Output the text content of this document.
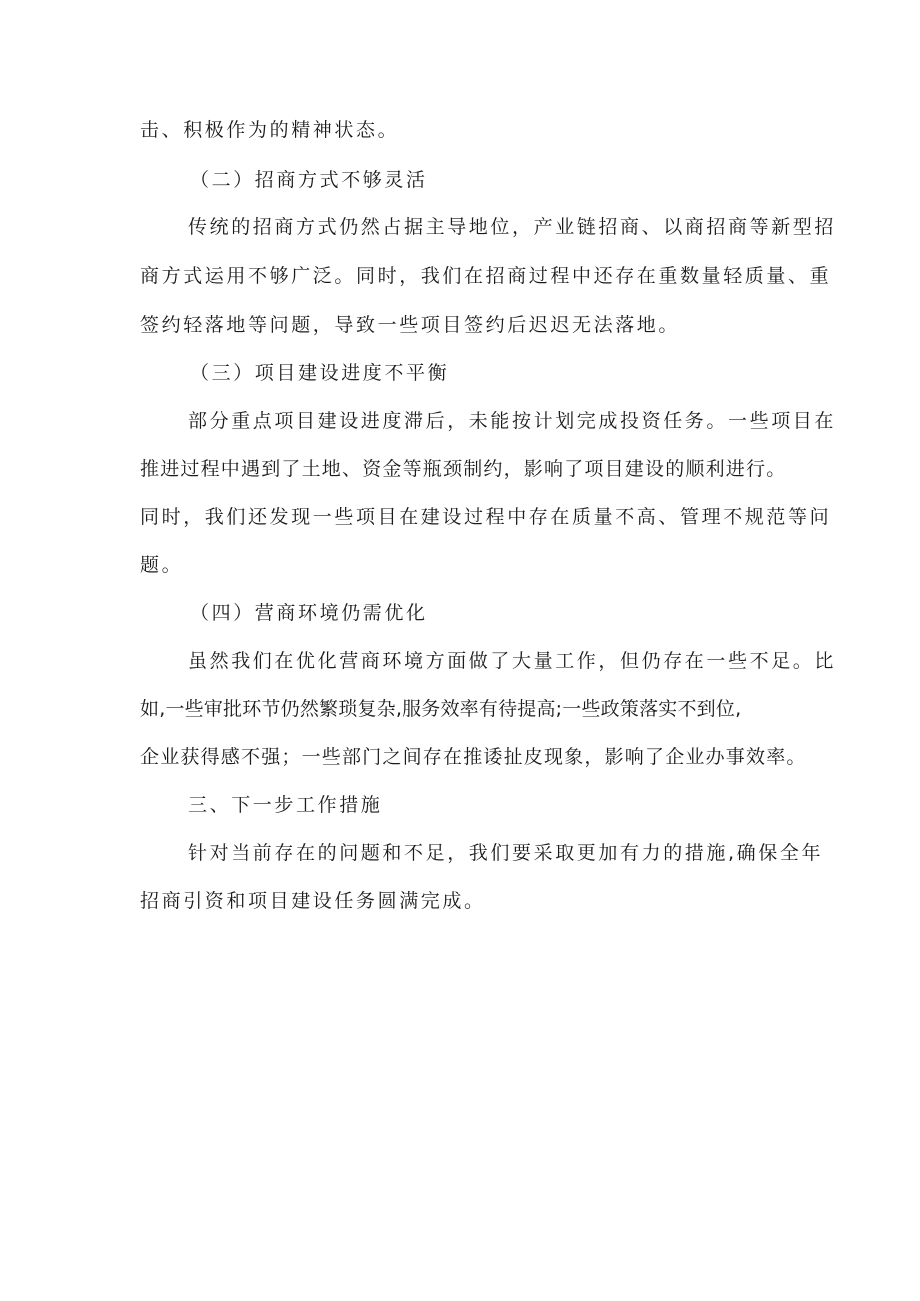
击、积极作为的精神状态。
（二）招商方式不够灵活
传统的招商方式仍然占据主导地位，产业链招商、以商招商等新型招
商方式运用不够广泛。同时，我们在招商过程中还存在重数量轻质量、重
签约轻落地等问题，导致一些项目签约后迟迟无法落地。
（三）项目建设进度不平衡
部分重点项目建设进度滞后，未能按计划完成投资任务。一些项目在
推进过程中遇到了土地、资金等瓶颈制约，影响了项目建设的顺利进行。
同时，我们还发现一些项目在建设过程中存在质量不高、管理不规范等问
题。
（四）营商环境仍需优化
虽然我们在优化营商环境方面做了大量工作，但仍存在一些不足。比
如,一些审批环节仍然繁琐复杂,服务效率有待提高;一些政策落实不到位,
企业获得感不强；一些部门之间存在推诿扯皮现象，影响了企业办事效率。
三、下一步工作措施
针对当前存在的问题和不足，我们要采取更加有力的措施,确保全年
招商引资和项目建设任务圆满完成。
